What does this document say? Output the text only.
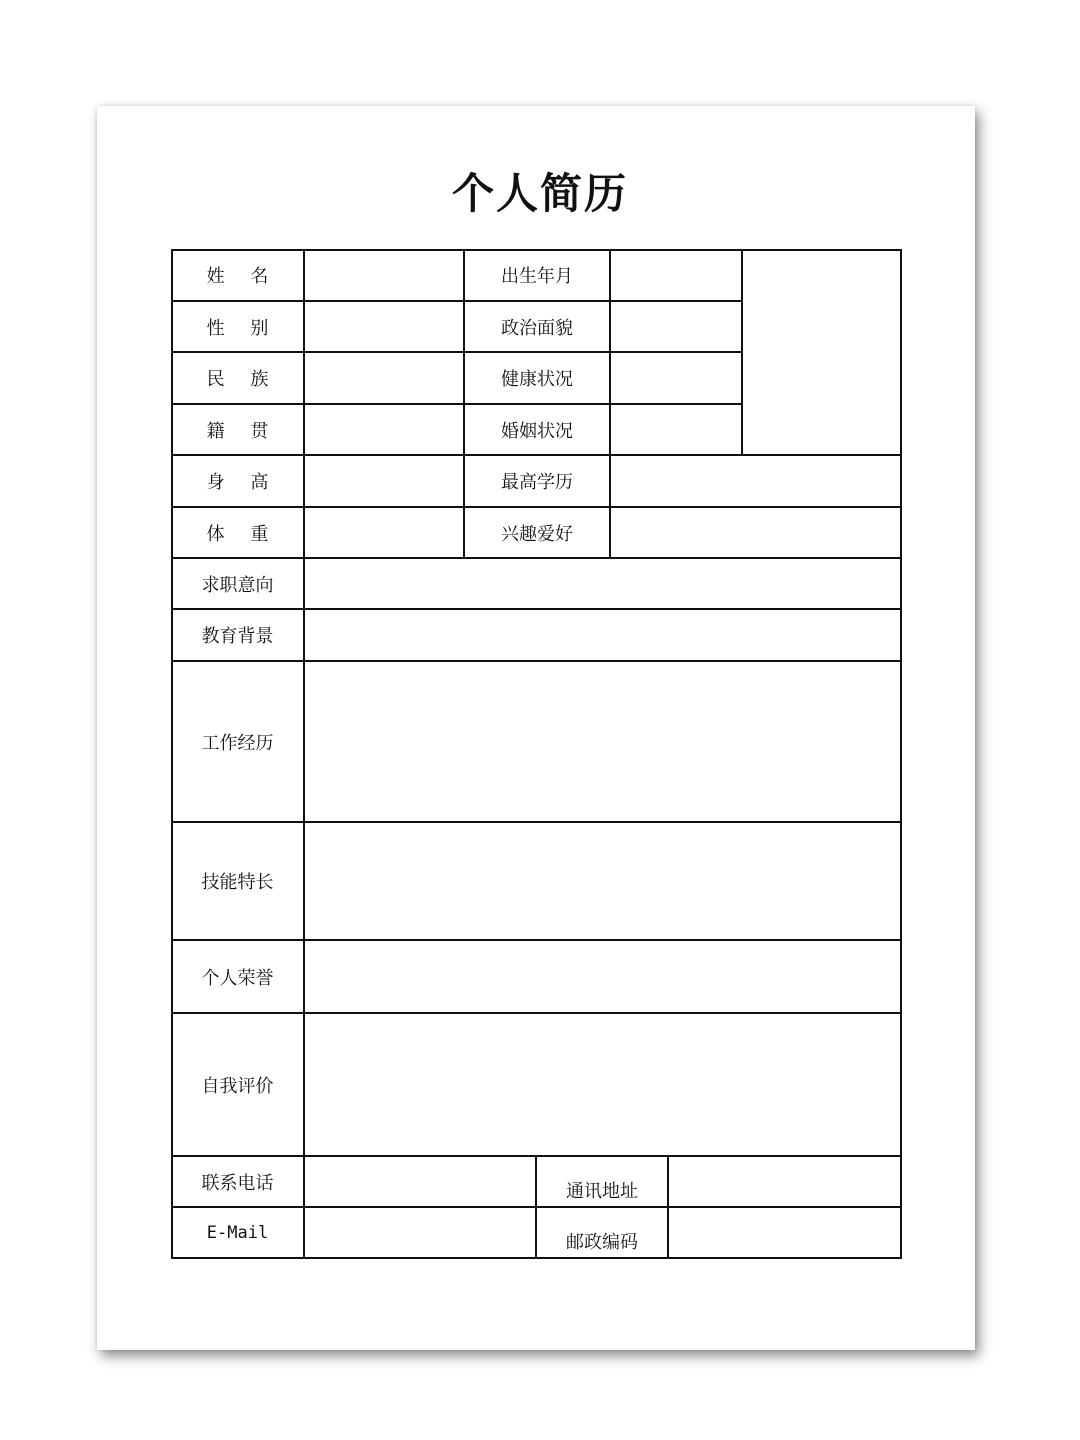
个人简历
姓 名	出生年月
性 别	政治面貌
民 族	健康状况
籍 贯	婚姻状况
身 高	最高学历
体 重	兴趣爱好
求职意向
教育背景
工作经历
技能特长
个人荣誉
自我评价
联系电话	通讯地址
E-Mail	邮政编码
